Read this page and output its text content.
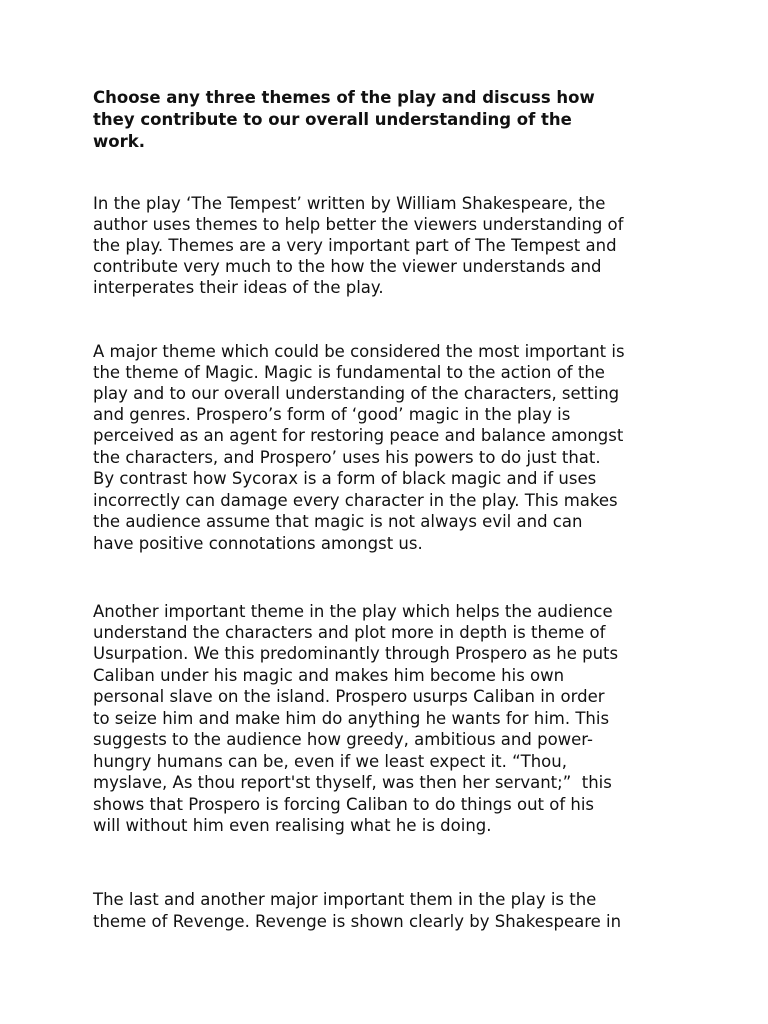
Choose any three themes of the play and discuss how
they contribute to our overall understanding of the
work.
In the play ‘The Tempest’ written by William Shakespeare, the
author uses themes to help better the viewers understanding of
the play. Themes are a very important part of The Tempest and
contribute very much to the how the viewer understands and
interperates their ideas of the play.
A major theme which could be considered the most important is
the theme of Magic. Magic is fundamental to the action of the
play and to our overall understanding of the characters, setting
and genres. Prospero’s form of ‘good’ magic in the play is
perceived as an agent for restoring peace and balance amongst
the characters, and Prospero’ uses his powers to do just that.
By contrast how Sycorax is a form of black magic and if uses
incorrectly can damage every character in the play. This makes
the audience assume that magic is not always evil and can
have positive connotations amongst us.
Another important theme in the play which helps the audience
understand the characters and plot more in depth is theme of
Usurpation. We this predominantly through Prospero as he puts
Caliban under his magic and makes him become his own
personal slave on the island. Prospero usurps Caliban in order
to seize him and make him do anything he wants for him. This
suggests to the audience how greedy, ambitious and power-
hungry humans can be, even if we least expect it. “Thou,
myslave, As thou report'st thyself, was then her servant;”  this
shows that Prospero is forcing Caliban to do things out of his
will without him even realising what he is doing.
The last and another major important them in the play is the
theme of Revenge. Revenge is shown clearly by Shakespeare in
